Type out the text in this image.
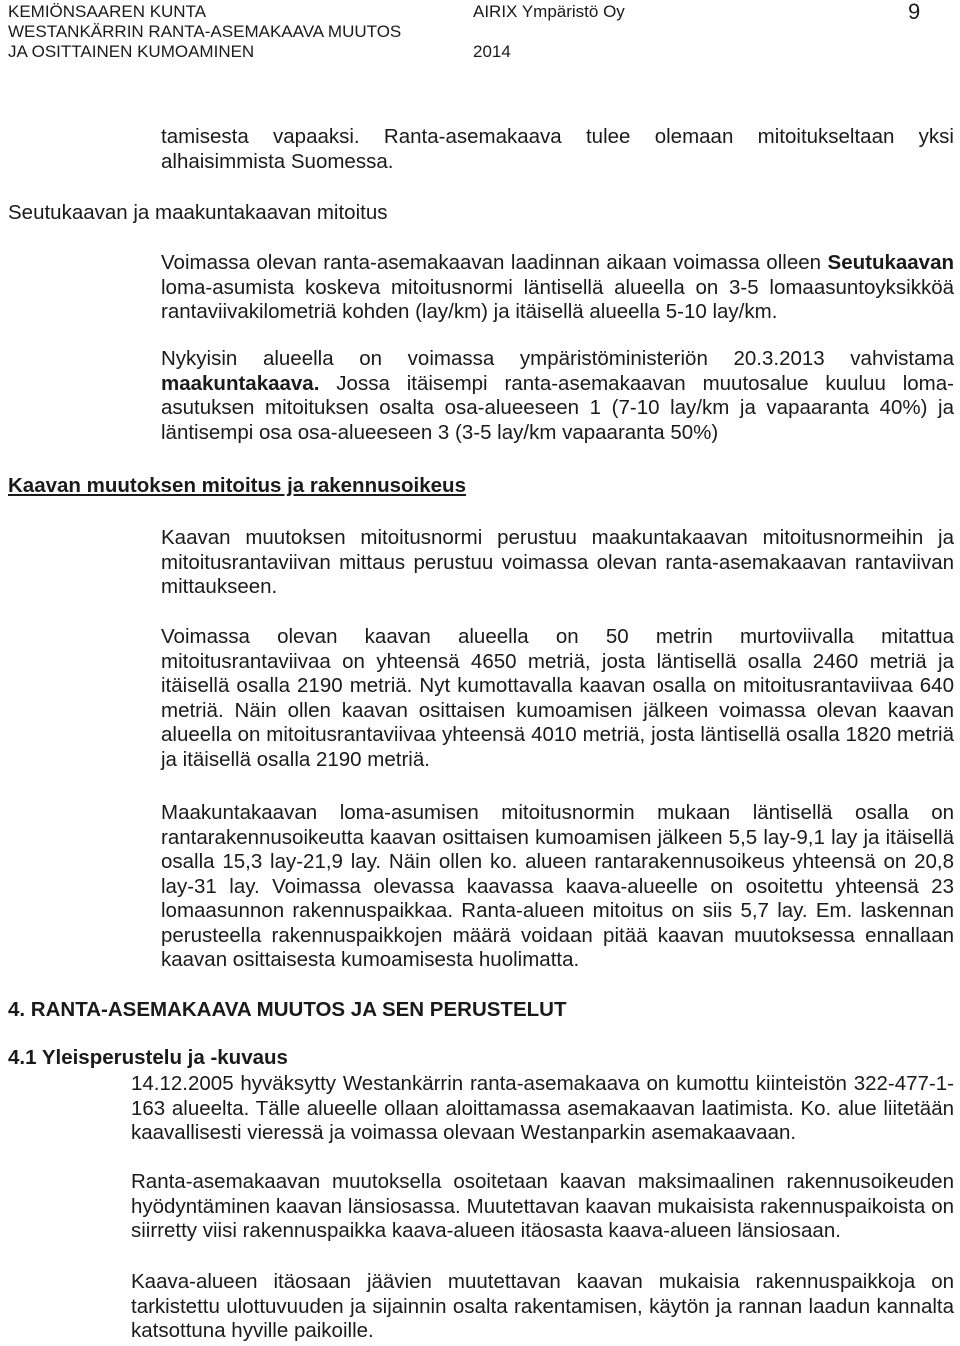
KEMIÖNSAAREN KUNTA
WESTANKÄRRIN RANTA-ASEMAKAAVA MUUTOS
JA OSITTAINEN KUMOAMINEN
AIRIX Ympäristö Oy
2014
9

tamisesta vapaaksi. Ranta-asemakaava tulee olemaan mitoitukseltaan yksi alhaisimmista Suomessa.

Seutukaavan ja maakuntakaavan mitoitus

Voimassa olevan ranta-asemakaavan laadinnan aikaan voimassa olleen Seutukaavan loma-asumista koskeva mitoitusnormi läntisellä alueella on 3-5 lomaasuntoyksikköä rantaviivakilometriä kohden (lay/km) ja itäisellä alueella 5-10 lay/km.

Nykyisin alueella on voimassa ympäristöministeriön 20.3.2013 vahvistama maakuntakaava. Jossa itäisempi ranta-asemakaavan muutosalue kuuluu loma-asutuksen mitoituksen osalta osa-alueeseen 1 (7-10 lay/km ja vapaaranta 40%) ja läntisempi osa osa-alueeseen 3 (3-5 lay/km vapaaranta 50%)

Kaavan muutoksen mitoitus ja rakennusoikeus

Kaavan muutoksen mitoitusnormi perustuu maakuntakaavan mitoitusnormeihin ja mitoitusrantaviivan mittaus perustuu voimassa olevan ranta-asemakaavan rantaviivan mittaukseen.

Voimassa olevan kaavan alueella on 50 metrin murtoviivalla mitattua mitoitusrantaviivaa on yhteensä 4650 metriä, josta läntisellä osalla 2460 metriä ja itäisellä osalla 2190 metriä. Nyt kumottavalla kaavan osalla on mitoitusrantaviivaa 640 metriä. Näin ollen kaavan osittaisen kumoamisen jälkeen voimassa olevan kaavan alueella on mitoitusrantaviivaa yhteensä 4010 metriä, josta läntisellä osalla 1820 metriä ja itäisellä osalla 2190 metriä.

Maakuntakaavan loma-asumisen mitoitusnormin mukaan läntisellä osalla on rantarakennusoikeutta kaavan osittaisen kumoamisen jälkeen 5,5 lay-9,1 lay ja itäisellä osalla 15,3 lay-21,9 lay. Näin ollen ko. alueen rantarakennusoikeus yhteensä on 20,8 lay-31 lay. Voimassa olevassa kaavassa kaava-alueelle on osoitettu yhteensä 23 lomaasunnon rakennuspaikkaa. Ranta-alueen mitoitus on siis 5,7 lay. Em. laskennan perusteella rakennuspaikkojen määrä voidaan pitää kaavan muutoksessa ennallaan kaavan osittaisesta kumoamisesta huolimatta.

4. RANTA-ASEMAKAAVA MUUTOS JA SEN PERUSTELUT

4.1 Yleisperustelu ja -kuvaus

14.12.2005 hyväksytty Westankärrin ranta-asemakaava on kumottu kiinteistön 322-477-1-163 alueelta. Tälle alueelle ollaan aloittamassa asemakaavan laatimista. Ko. alue liitetään kaavallisesti vieressä ja voimassa olevaan Westanparkin asemakaavaan.

Ranta-asemakaavan muutoksella osoitetaan kaavan maksimaalinen rakennusoikeuden hyödyntäminen kaavan länsiosassa. Muutettavan kaavan mukaisista rakennuspaikoista on siirretty viisi rakennuspaikka kaava-alueen itäosasta kaava-alueen länsiosaan.

Kaava-alueen itäosaan jäävien muutettavan kaavan mukaisia rakennuspaikkoja on tarkistettu ulottuvuuden ja sijainnin osalta rakentamisen, käytön ja rannan laadun kannalta katsottuna hyville paikoille.
